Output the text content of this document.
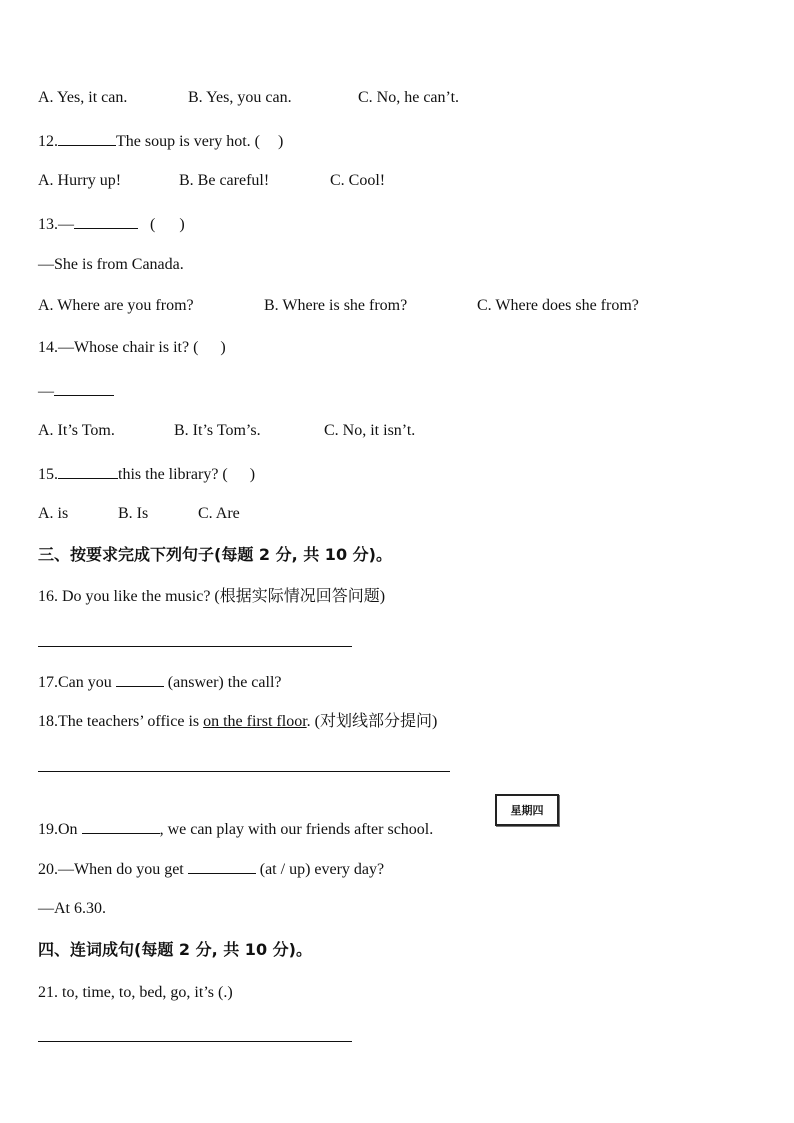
A. Yes, it can.	B. Yes, you can.	C. No, he can’t.
12.	The soup is very hot. ( )
A. Hurry up!	B. Be careful!	C. Cool!
13.—	( )
—She is from Canada.
A. Where are you from?	B. Where is she from?	C. Where does she from?
14.—Whose chair is it? ( )
—
A. It’s Tom.	B. It’s Tom’s.	C. No, it isn’t.
15.	this the library? ( )
A. is	B. Is	C. Are
三、按要求完成下列句子(每题 2 分, 共 10 分)。
16. Do you like the music? (根据实际情况回答问题)
17.Can you	(answer) the call?
18.The teachers’ office is on the first floor. (对划线部分提问)
19.On	, we can play with our friends after school.
星期四
20.—When do you get	(at / up) every day?
—At 6.30.
四、连词成句(每题 2 分, 共 10 分)。
21. to, time, to, bed, go, it’s (.)
